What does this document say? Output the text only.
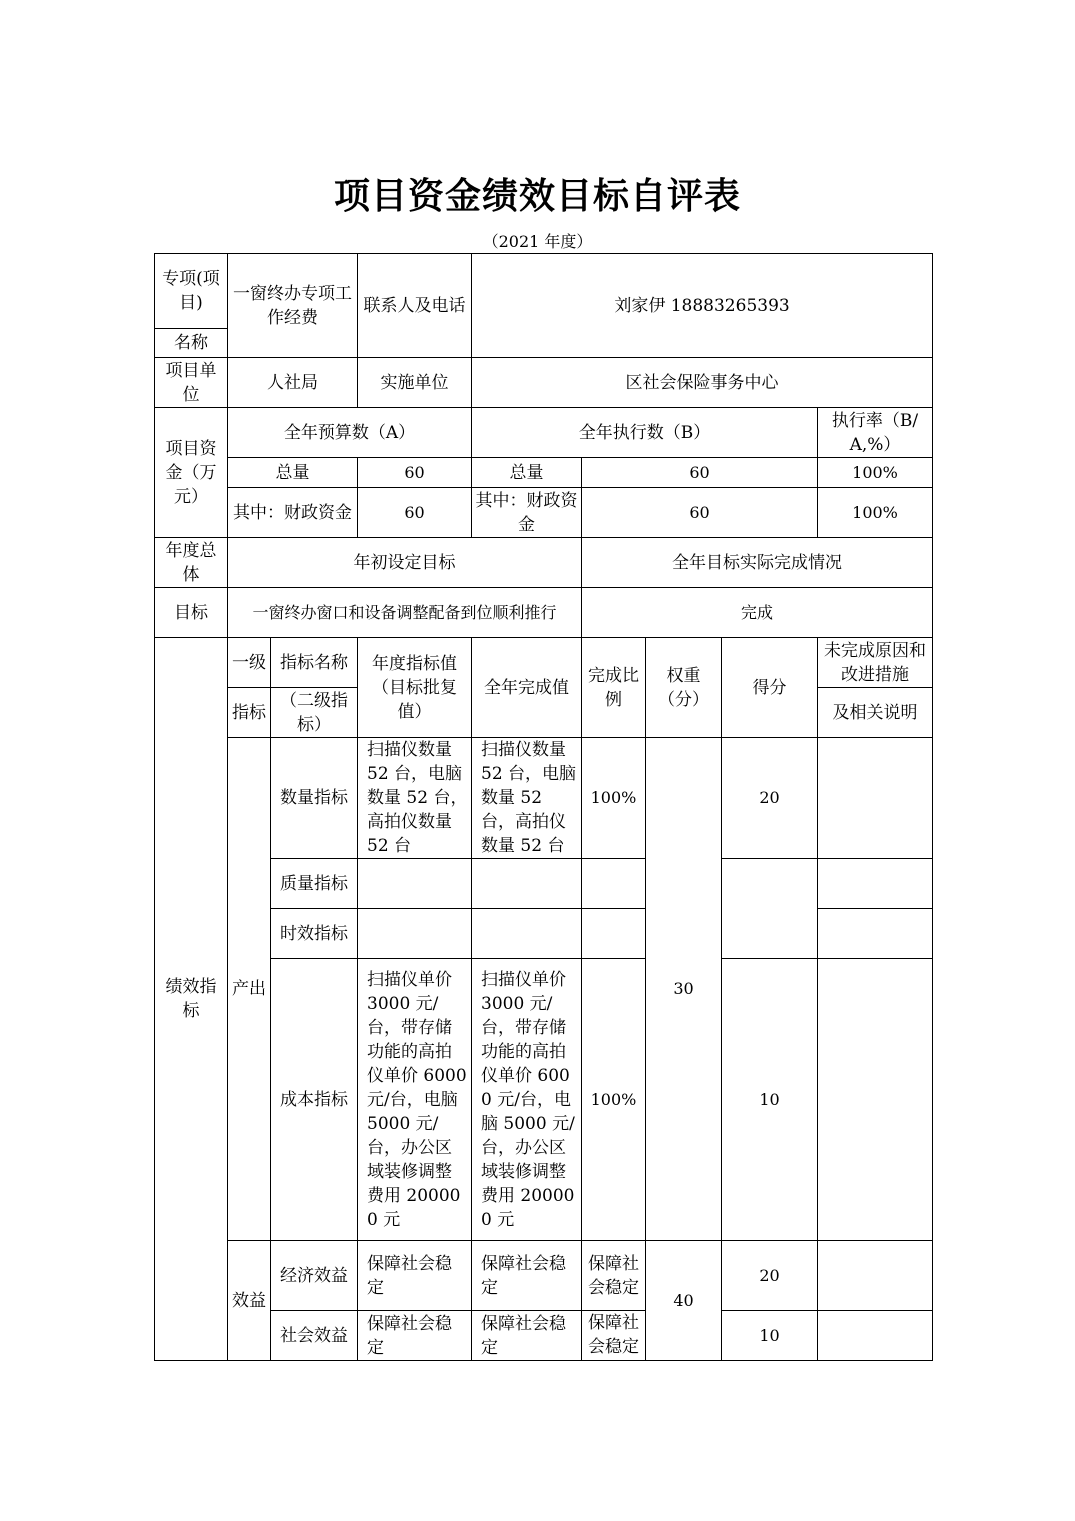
项目资金绩效目标自评表
（2021 年度）
专项(项目)	一窗终办专项工作经费		联系人及电话	刘家伊 18883265393				
名称								
项目单位	人社局		实施单位	区社会保险事务中心				
项目资金（万元）	全年预算数（A）			全年执行数（B）				执行率（B/A,%）
	总量		60	总量	60			100%
	其中：财政资金		60	其中：财政资金	60			100%
年度总体	年初设定目标				全年目标实际完成情况			
目标	一窗终办窗口和设备调整配备到位顺利推行				完成			
绩效指标	一级	指标名称	年度指标值（目标批复值）	全年完成值	完成比例	权重（分）	得分	未完成原因和改进措施
	指标	（二级指标）						及相关说明
	产出	数量指标	扫描仪数量 52 台，电脑数量 52 台，高拍仪数量 52 台	扫描仪数量 52 台，电脑数量 52 台，高拍仪数量 52 台	100%	30	20	
		质量指标						
		时效指标						
		成本指标	扫描仪单价 3000 元/台，带存储功能的高拍仪单价 6000 元/台，电脑 5000 元/台，办公区域装修调整费用 200000 元	扫描仪单价 3000 元/台，带存储功能的高拍仪单价 6000 元/台，电脑 5000 元/台，办公区域装修调整费用 200000 元	100%		10	
	效益	经济效益	保障社会稳定	保障社会稳定	保障社会稳定	40	20	
		社会效益	保障社会稳定	保障社会稳定	保障社会稳定		10	
